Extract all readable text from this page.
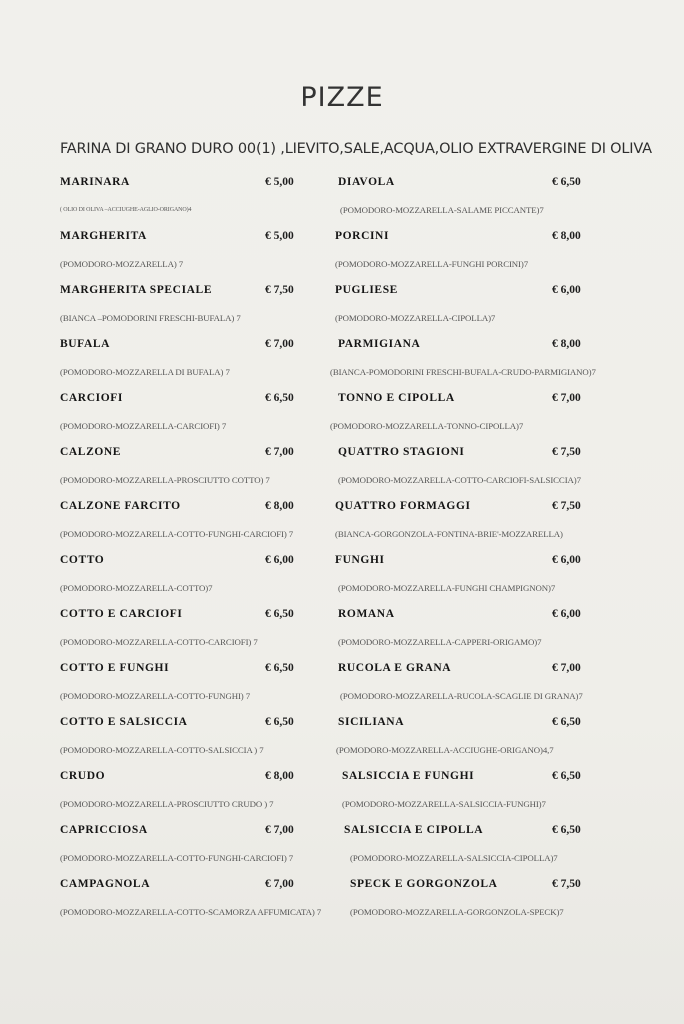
PIZZE
FARINA DI GRANO DURO 00(1) ,LIEVITO,SALE,ACQUA,OLIO EXTRAVERGINE DI OLIVA
MARINARA	€ 5,00
( OLIO DI OLIVA –ACCIUGHE-AGLIO-ORIGANO)4
MARGHERITA	€ 5,00
(POMODORO-MOZZARELLA) 7
MARGHERITA SPECIALE	€ 7,50
(BIANCA –POMODORINI FRESCHI-BUFALA) 7
BUFALA	€ 7,00
(POMODORO-MOZZARELLA DI BUFALA) 7
CARCIOFI	€ 6,50
(POMODORO-MOZZARELLA-CARCIOFI) 7
CALZONE	€ 7,00
(POMODORO-MOZZARELLA-PROSCIUTTO COTTO) 7
CALZONE FARCITO	€ 8,00
(POMODORO-MOZZARELLA-COTTO-FUNGHI-CARCIOFI) 7
COTTO	€ 6,00
(POMODORO-MOZZARELLA-COTTO)7
COTTO E CARCIOFI	€ 6,50
(POMODORO-MOZZARELLA-COTTO-CARCIOFI) 7
COTTO E FUNGHI	€ 6,50
(POMODORO-MOZZARELLA-COTTO-FUNGHI) 7
COTTO E SALSICCIA	€ 6,50
(POMODORO-MOZZARELLA-COTTO-SALSICCIA ) 7
CRUDO	€ 8,00
(POMODORO-MOZZARELLA-PROSCIUTTO CRUDO ) 7
CAPRICCIOSA	€ 7,00
(POMODORO-MOZZARELLA-COTTO-FUNGHI-CARCIOFI) 7
CAMPAGNOLA	€ 7,00
(POMODORO-MOZZARELLA-COTTO-SCAMORZA AFFUMICATA) 7
DIAVOLA	€ 6,50
(POMODORO-MOZZARELLA-SALAME PICCANTE)7
PORCINI	€ 8,00
(POMODORO-MOZZARELLA-FUNGHI PORCINI)7
PUGLIESE	€ 6,00
(POMODORO-MOZZARELLA-CIPOLLA)7
PARMIGIANA	€ 8,00
(BIANCA-POMODORINI FRESCHI-BUFALA-CRUDO-PARMIGIANO)7
TONNO E CIPOLLA	€ 7,00
(POMODORO-MOZZARELLA-TONNO-CIPOLLA)7
QUATTRO STAGIONI	€ 7,50
(POMODORO-MOZZARELLA-COTTO-CARCIOFI-SALSICCIA)7
QUATTRO FORMAGGI	€ 7,50
(BIANCA-GORGONZOLA-FONTINA-BRIE'-MOZZARELLA)
FUNGHI	€ 6,00
(POMODORO-MOZZARELLA-FUNGHI CHAMPIGNON)7
ROMANA	€ 6,00
(POMODORO-MOZZARELLA-CAPPERI-ORIGAMO)7
RUCOLA E GRANA	€ 7,00
(POMODORO-MOZZARELLA-RUCOLA-SCAGLIE DI GRANA)7
SICILIANA	€ 6,50
(POMODORO-MOZZARELLA-ACCIUGHE-ORIGANO)4,7
SALSICCIA E FUNGHI	€ 6,50
(POMODORO-MOZZARELLA-SALSICCIA-FUNGHI)7
SALSICCIA E CIPOLLA	€ 6,50
(POMODORO-MOZZARELLA-SALSICCIA-CIPOLLA)7
SPECK E GORGONZOLA	€ 7,50
(POMODORO-MOZZARELLA-GORGONZOLA-SPECK)7
